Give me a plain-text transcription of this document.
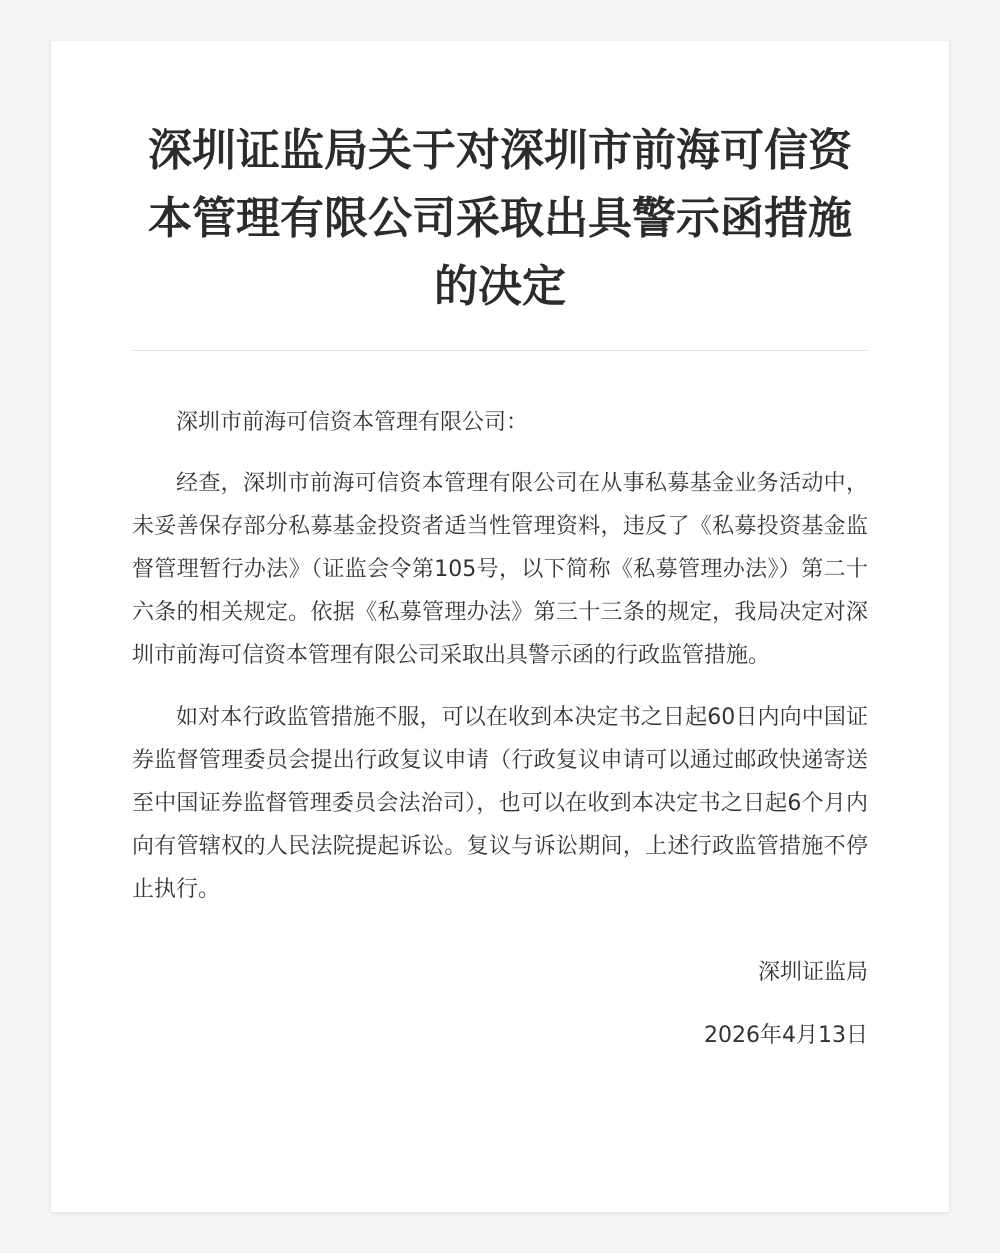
深圳证监局关于对深圳市前海可信资本管理有限公司采取出具警示函措施的决定

深圳市前海可信资本管理有限公司：

经查，深圳市前海可信资本管理有限公司在从事私募基金业务活动中，未妥善保存部分私募基金投资者适当性管理资料，违反了《私募投资基金监督管理暂行办法》（证监会令第105号，以下简称《私募管理办法》）第二十六条的相关规定。依据《私募管理办法》第三十三条的规定，我局决定对深圳市前海可信资本管理有限公司采取出具警示函的行政监管措施。

如对本行政监管措施不服，可以在收到本决定书之日起60日内向中国证券监督管理委员会提出行政复议申请（行政复议申请可以通过邮政快递寄送至中国证券监督管理委员会法治司），也可以在收到本决定书之日起6个月内向有管辖权的人民法院提起诉讼。复议与诉讼期间，上述行政监管措施不停止执行。

深圳证监局

2026年4月13日
